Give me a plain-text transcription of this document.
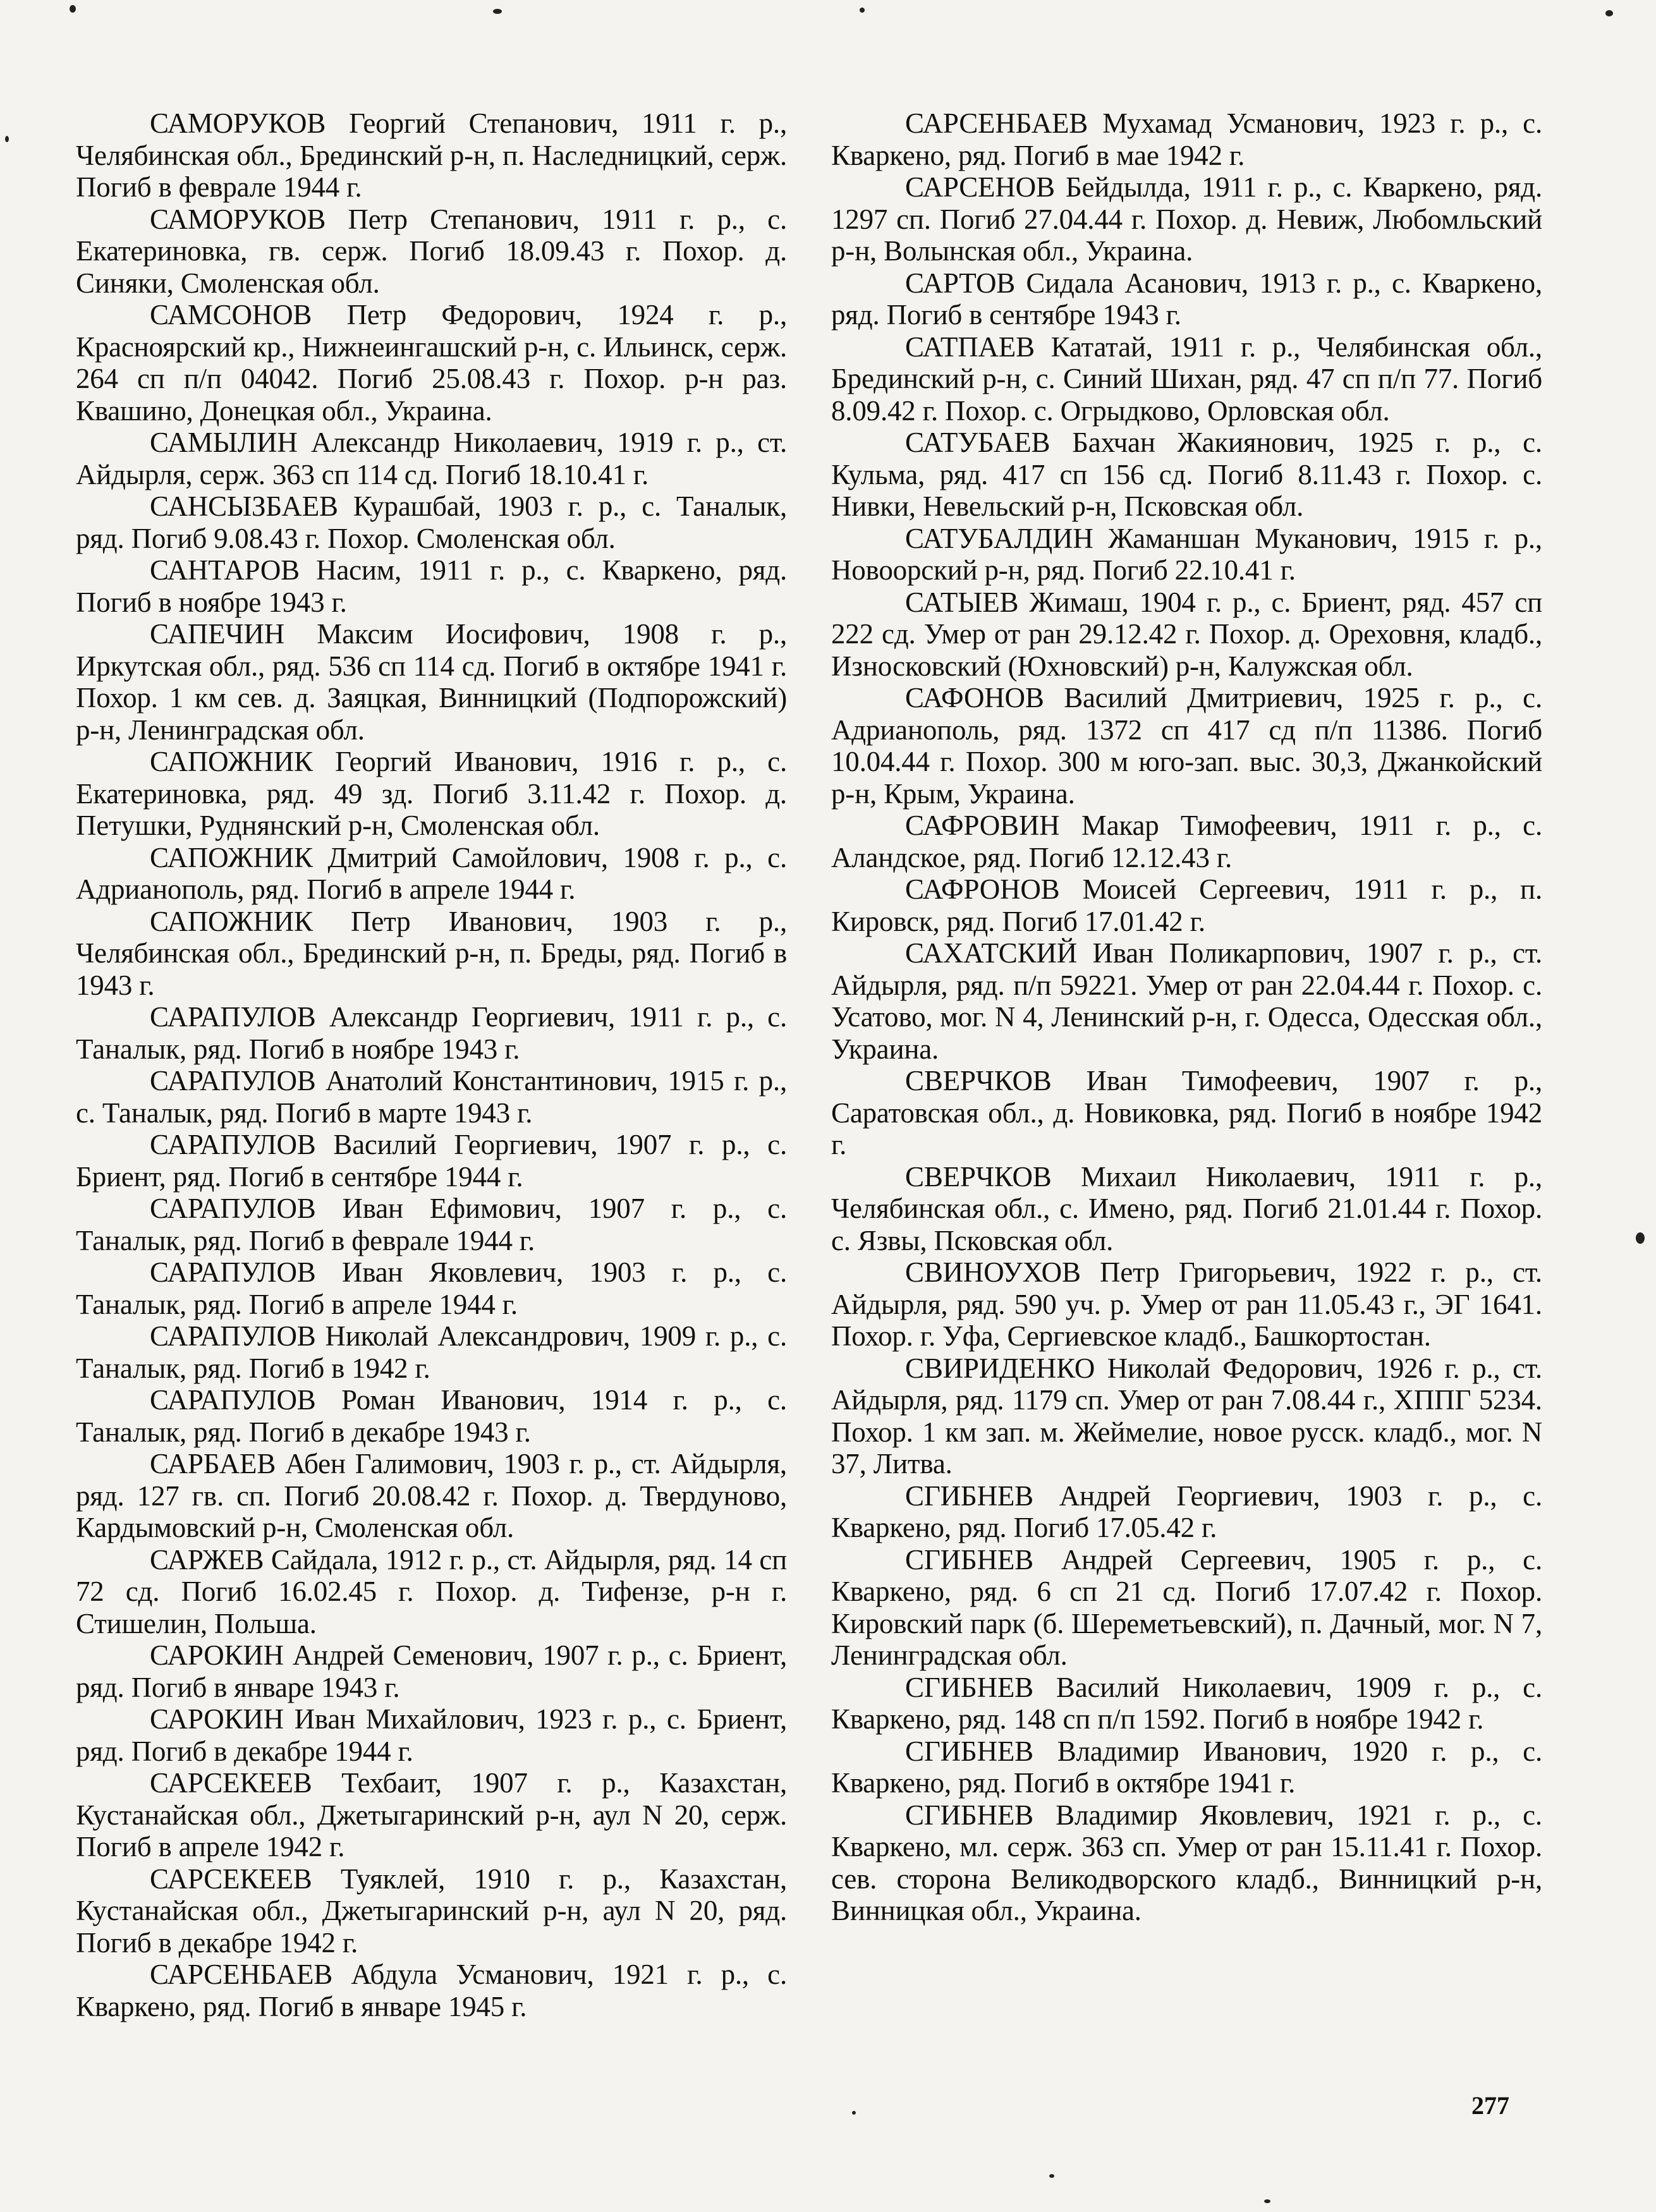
САМОРУКОВ Георгий Степанович, 1911 г. р., Челябинская обл., Брединский р-н, п. Наследницкий, серж. Погиб в феврале 1944 г.

САМОРУКОВ Петр Степанович, 1911 г. р., с. Екатериновка, гв. серж. Погиб 18.09.43 г. Похор. д. Синяки, Смоленская обл.

САМСОНОВ Петр Федорович, 1924 г. р., Красноярский кр., Нижнеингашский р-н, с. Ильинск, серж. 264 сп п/п 04042. Погиб 25.08.43 г. Похор. р-н раз. Квашино, Донецкая обл., Украина.

САМЫЛИН Александр Николаевич, 1919 г. р., ст. Айдырля, серж. 363 сп 114 сд. Погиб 18.10.41 г.

САНСЫЗБАЕВ Курашбай, 1903 г. р., с. Таналык, ряд. Погиб 9.08.43 г. Похор. Смоленская обл.

САНТАРОВ Насим, 1911 г. р., с. Кваркено, ряд. Погиб в ноябре 1943 г.

САПЕЧИН Максим Иосифович, 1908 г. р., Иркутская обл., ряд. 536 сп 114 сд. Погиб в октябре 1941 г. Похор. 1 км сев. д. Заяцкая, Винницкий (Подпорожский) р-н, Ленинградская обл.

САПОЖНИК Георгий Иванович, 1916 г. р., с. Екатериновка, ряд. 49 зд. Погиб 3.11.42 г. Похор. д. Петушки, Руднянский р-н, Смоленская обл.

САПОЖНИК Дмитрий Самойлович, 1908 г. р., с. Адрианополь, ряд. Погиб в апреле 1944 г.

САПОЖНИК Петр Иванович, 1903 г. р., Челябинская обл., Брединский р-н, п. Бреды, ряд. Погиб в 1943 г.

САРАПУЛОВ Александр Георгиевич, 1911 г. р., с. Таналык, ряд. Погиб в ноябре 1943 г.

САРАПУЛОВ Анатолий Константинович, 1915 г. р., с. Таналык, ряд. Погиб в марте 1943 г.

САРАПУЛОВ Василий Георгиевич, 1907 г. р., с. Бриент, ряд. Погиб в сентябре 1944 г.

САРАПУЛОВ Иван Ефимович, 1907 г. р., с. Таналык, ряд. Погиб в феврале 1944 г.

САРАПУЛОВ Иван Яковлевич, 1903 г. р., с. Таналык, ряд. Погиб в апреле 1944 г.

САРАПУЛОВ Николай Александрович, 1909 г. р., с. Таналык, ряд. Погиб в 1942 г.

САРАПУЛОВ Роман Иванович, 1914 г. р., с. Таналык, ряд. Погиб в декабре 1943 г.

САРБАЕВ Абен Галимович, 1903 г. р., ст. Айдырля, ряд. 127 гв. сп. Погиб 20.08.42 г. Похор. д. Твердуново, Кардымовский р-н, Смоленская обл.

САРЖЕВ Сайдала, 1912 г. р., ст. Айдырля, ряд. 14 сп 72 сд. Погиб 16.02.45 г. Похор. д. Тифензе, р-н г. Стишелин, Польша.

САРОКИН Андрей Семенович, 1907 г. р., с. Бриент, ряд. Погиб в январе 1943 г.

САРОКИН Иван Михайлович, 1923 г. р., с. Бриент, ряд. Погиб в декабре 1944 г.

САРСЕКЕЕВ Техбаит, 1907 г. р., Казахстан, Кустанайская обл., Джетыгаринский р-н, аул N 20, серж. Погиб в апреле 1942 г.

САРСЕКЕЕВ Туяклей, 1910 г. р., Казахстан, Кустанайская обл., Джетыгаринский р-н, аул N 20, ряд. Погиб в декабре 1942 г.

САРСЕНБАЕВ Абдула Усманович, 1921 г. р., с. Кваркено, ряд. Погиб в январе 1945 г.

САРСЕНБАЕВ Мухамад Усманович, 1923 г. р., с. Кваркено, ряд. Погиб в мае 1942 г.

САРСЕНОВ Бейдылда, 1911 г. р., с. Кваркено, ряд. 1297 сп. Погиб 27.04.44 г. Похор. д. Невиж, Любомльский р-н, Волынская обл., Украина.

САРТОВ Сидала Асанович, 1913 г. р., с. Кваркено, ряд. Погиб в сентябре 1943 г.

САТПАЕВ Кататай, 1911 г. р., Челябинская обл., Брединский р-н, с. Синий Шихан, ряд. 47 сп п/п 77. Погиб 8.09.42 г. Похор. с. Огрыдково, Орловская обл.

САТУБАЕВ Бахчан Жакиянович, 1925 г. р., с. Кульма, ряд. 417 сп 156 сд. Погиб 8.11.43 г. Похор. с. Нивки, Невельский р-н, Псковская обл.

САТУБАЛДИН Жаманшан Муканович, 1915 г. р., Новоорский р-н, ряд. Погиб 22.10.41 г.

САТЫЕВ Жимаш, 1904 г. р., с. Бриент, ряд. 457 сп 222 сд. Умер от ран 29.12.42 г. Похор. д. Ореховня, кладб., Износковский (Юхновский) р-н, Калужская обл.

САФОНОВ Василий Дмитриевич, 1925 г. р., с. Адрианополь, ряд. 1372 сп 417 сд п/п 11386. Погиб 10.04.44 г. Похор. 300 м юго-зап. выс. 30,3, Джанкойский р-н, Крым, Украина.

САФРОВИН Макар Тимофеевич, 1911 г. р., с. Аландское, ряд. Погиб 12.12.43 г.

САФРОНОВ Моисей Сергеевич, 1911 г. р., п. Кировск, ряд. Погиб 17.01.42 г.

САХАТСКИЙ Иван Поликарпович, 1907 г. р., ст. Айдырля, ряд. п/п 59221. Умер от ран 22.04.44 г. Похор. с. Усатово, мог. N 4, Ленинский р-н, г. Одесса, Одесская обл., Украина.

СВЕРЧКОВ Иван Тимофеевич, 1907 г. р., Саратовская обл., д. Новиковка, ряд. Погиб в ноябре 1942 г.

СВЕРЧКОВ Михаил Николаевич, 1911 г. р., Челябинская обл., с. Имено, ряд. Погиб 21.01.44 г. Похор. с. Язвы, Псковская обл.

СВИНОУХОВ Петр Григорьевич, 1922 г. р., ст. Айдырля, ряд. 590 уч. р. Умер от ран 11.05.43 г., ЭГ 1641. Похор. г. Уфа, Сергиевское кладб., Башкортостан.

СВИРИДЕНКО Николай Федорович, 1926 г. р., ст. Айдырля, ряд. 1179 сп. Умер от ран 7.08.44 г., ХППГ 5234. Похор. 1 км зап. м. Жеймелие, новое русск. кладб., мог. N 37, Литва.

СГИБНЕВ Андрей Георгиевич, 1903 г. р., с. Кваркено, ряд. Погиб 17.05.42 г.

СГИБНЕВ Андрей Сергеевич, 1905 г. р., с. Кваркено, ряд. 6 сп 21 сд. Погиб 17.07.42 г. Похор. Кировский парк (б. Шереметьевский), п. Дачный, мог. N 7, Ленинградская обл.

СГИБНЕВ Василий Николаевич, 1909 г. р., с. Кваркено, ряд. 148 сп п/п 1592. Погиб в ноябре 1942 г.

СГИБНЕВ Владимир Иванович, 1920 г. р., с. Кваркено, ряд. Погиб в октябре 1941 г.

СГИБНЕВ Владимир Яковлевич, 1921 г. р., с. Кваркено, мл. серж. 363 сп. Умер от ран 15.11.41 г. Похор. сев. сторона Великодворского кладб., Винницкий р-н, Винницкая обл., Украина.

277
